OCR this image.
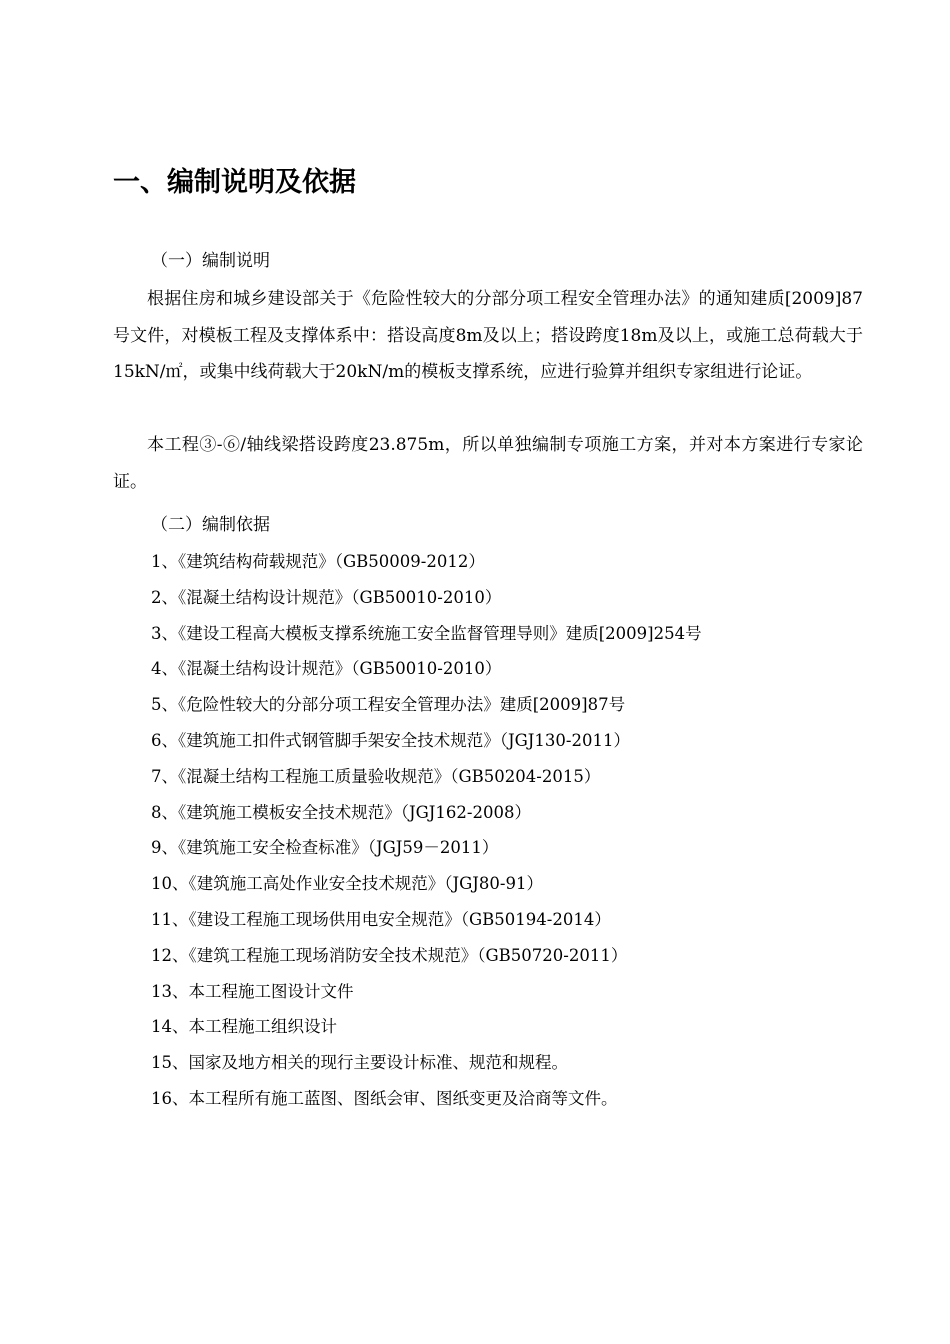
一、编制说明及依据
（一）编制说明
根据住房和城乡建设部关于《危险性较大的分部分项工程安全管理办法》的通知建质[2009]87号文件，对模板工程及支撑体系中：搭设高度8m及以上；搭设跨度18m及以上，或施工总荷载大于15kN/㎡，或集中线荷载大于20kN/m的模板支撑系统，应进行验算并组织专家组进行论证。
本工程③-⑥/轴线梁搭设跨度23.875m，所以单独编制专项施工方案，并对本方案进行专家论证。
（二）编制依据
1、《建筑结构荷载规范》（GB50009-2012）
2、《混凝土结构设计规范》（GB50010-2010）
3、《建设工程高大模板支撑系统施工安全监督管理导则》建质[2009]254号
4、《混凝土结构设计规范》（GB50010-2010）
5、《危险性较大的分部分项工程安全管理办法》建质[2009]87号
6、《建筑施工扣件式钢管脚手架安全技术规范》（JGJ130-2011）
7、《混凝土结构工程施工质量验收规范》（GB50204-2015）
8、《建筑施工模板安全技术规范》（JGJ162-2008）
9、《建筑施工安全检查标准》（JGJ59－2011）
10、《建筑施工高处作业安全技术规范》（JGJ80-91）
11、《建设工程施工现场供用电安全规范》（GB50194-2014）
12、《建筑工程施工现场消防安全技术规范》（GB50720-2011）
13、本工程施工图设计文件
14、本工程施工组织设计
15、国家及地方相关的现行主要设计标准、规范和规程。
16、本工程所有施工蓝图、图纸会审、图纸变更及洽商等文件。
